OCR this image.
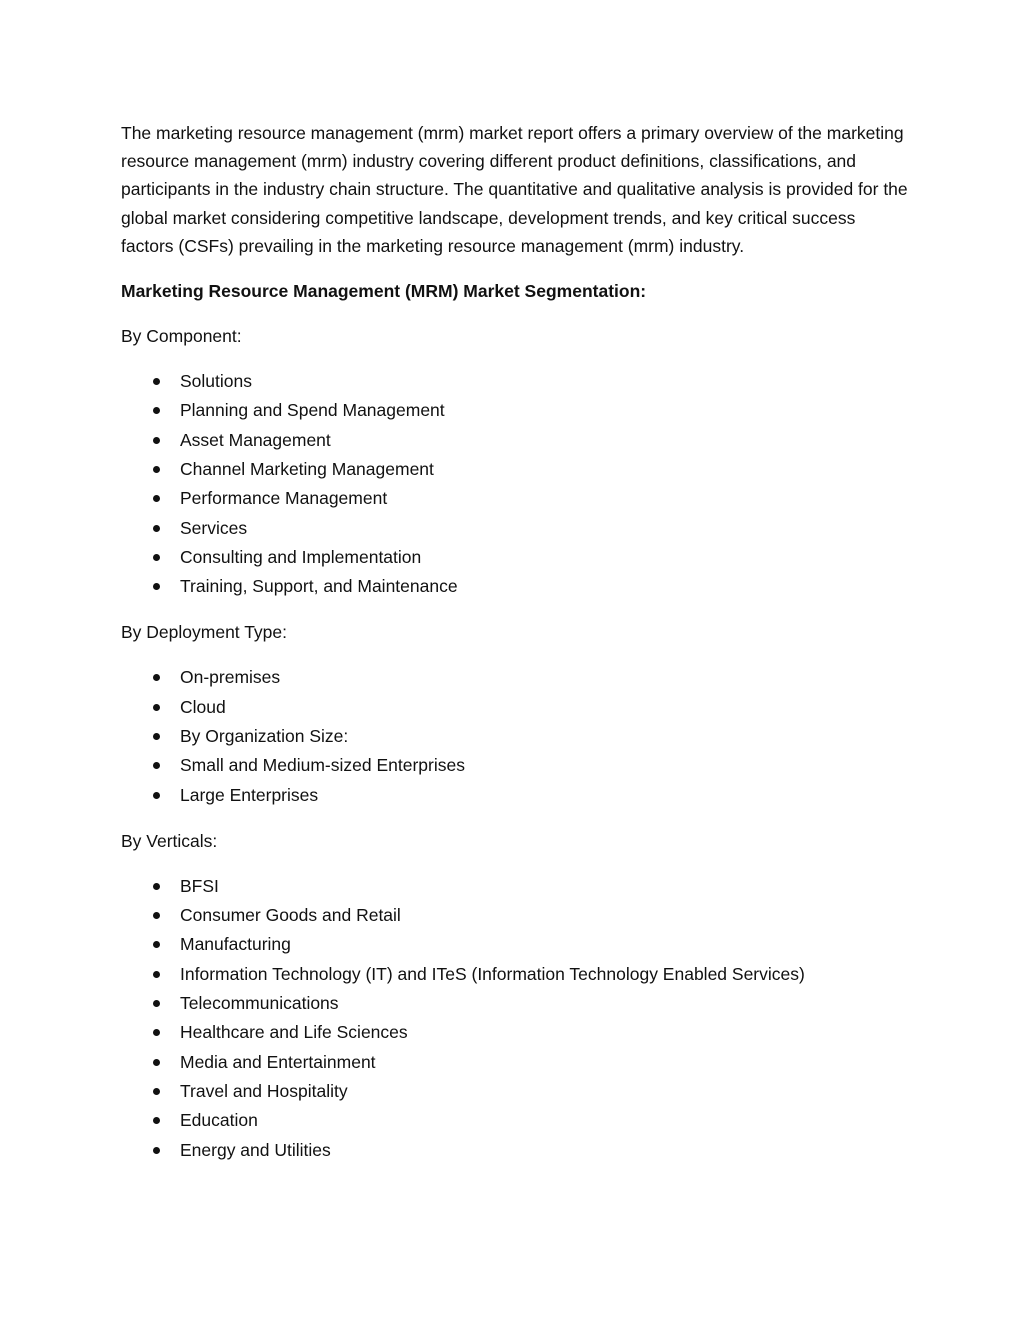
The marketing resource management (mrm) market report offers a primary overview of the marketing resource management (mrm) industry covering different product definitions, classifications, and participants in the industry chain structure. The quantitative and qualitative analysis is provided for the global market considering competitive landscape, development trends, and key critical success factors (CSFs) prevailing in the marketing resource management (mrm) industry.

Marketing Resource Management (MRM) Market Segmentation:

By Component:

Solutions
Planning and Spend Management
Asset Management
Channel Marketing Management
Performance Management
Services
Consulting and Implementation
Training, Support, and Maintenance

By Deployment Type:

On-premises
Cloud
By Organization Size:
Small and Medium-sized Enterprises
Large Enterprises

By Verticals:

BFSI
Consumer Goods and Retail
Manufacturing
Information Technology (IT) and ITeS (Information Technology Enabled Services)
Telecommunications
Healthcare and Life Sciences
Media and Entertainment
Travel and Hospitality
Education
Energy and Utilities
